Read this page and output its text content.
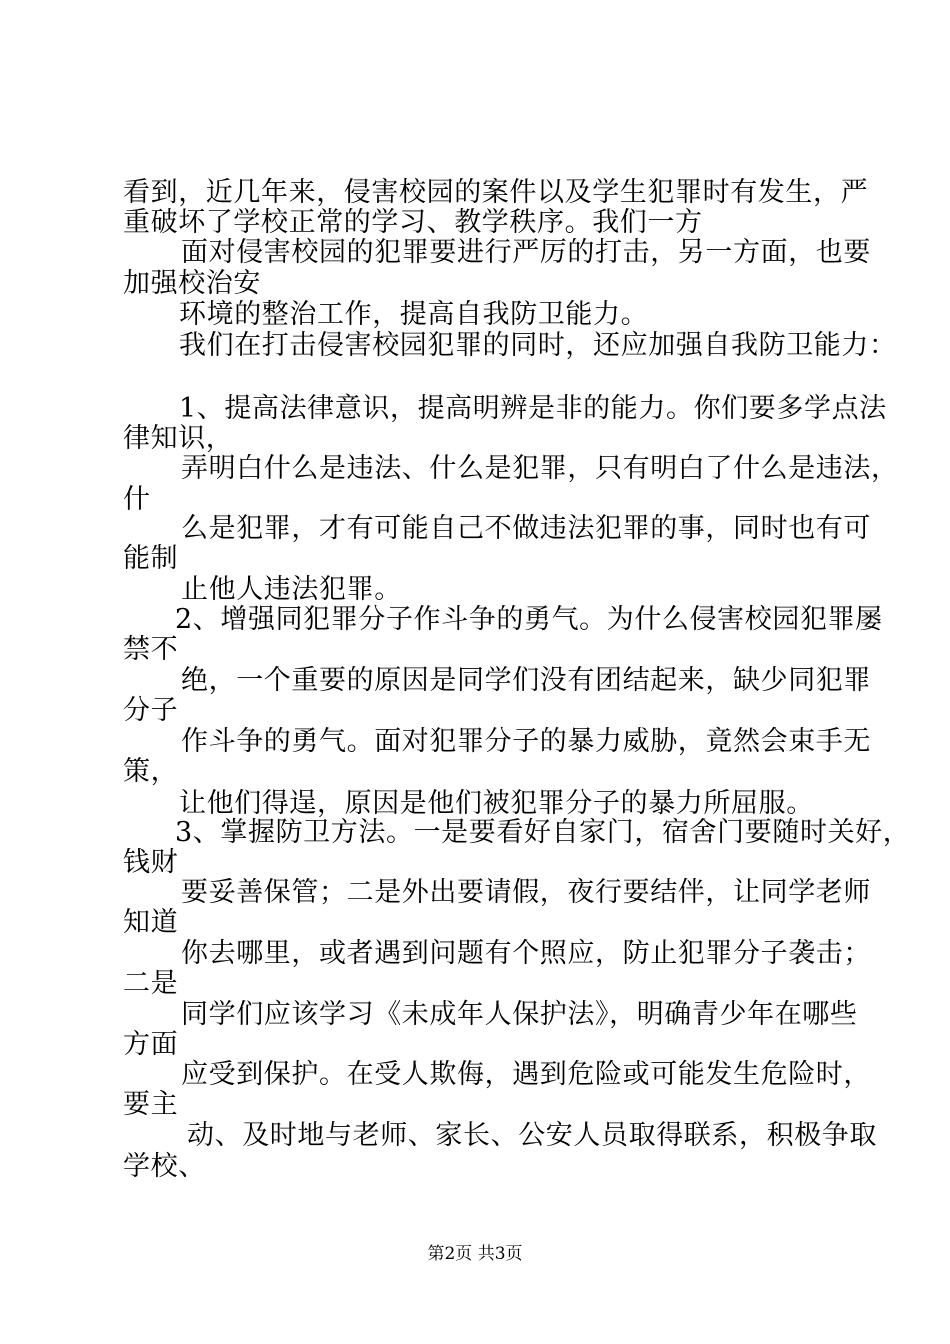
看到，近几年来，侵害校园的案件以及学生犯罪时有发生，严
重破坏了学校正常的学习、教学秩序。我们一方
面对侵害校园的犯罪要进行严厉的打击，另一方面，也要
加强校治安
环境的整治工作，提高自我防卫能力。
我们在打击侵害校园犯罪的同时，还应加强自我防卫能力：
1、提高法律意识，提高明辨是非的能力。你们要多学点法
律知识，
弄明白什么是违法、什么是犯罪，只有明白了什么是违法，
什
么是犯罪，才有可能自己不做违法犯罪的事，同时也有可
能制
止他人违法犯罪。
2、增强同犯罪分子作斗争的勇气。为什么侵害校园犯罪屡
禁不
绝，一个重要的原因是同学们没有团结起来，缺少同犯罪
分子
作斗争的勇气。面对犯罪分子的暴力威胁，竟然会束手无
策，
让他们得逞，原因是他们被犯罪分子的暴力所屈服。
3、掌握防卫方法。一是要看好自家门，宿舍门要随时关好，
钱财
要妥善保管；二是外出要请假，夜行要结伴，让同学老师
知道
你去哪里，或者遇到问题有个照应，防止犯罪分子袭击；
二是
同学们应该学习《未成年人保护法》，明确青少年在哪些
方面
应受到保护。在受人欺侮，遇到危险或可能发生危险时，
要主
动、及时地与老师、家长、公安人员取得联系，积极争取
学校、
第2页 共3页
